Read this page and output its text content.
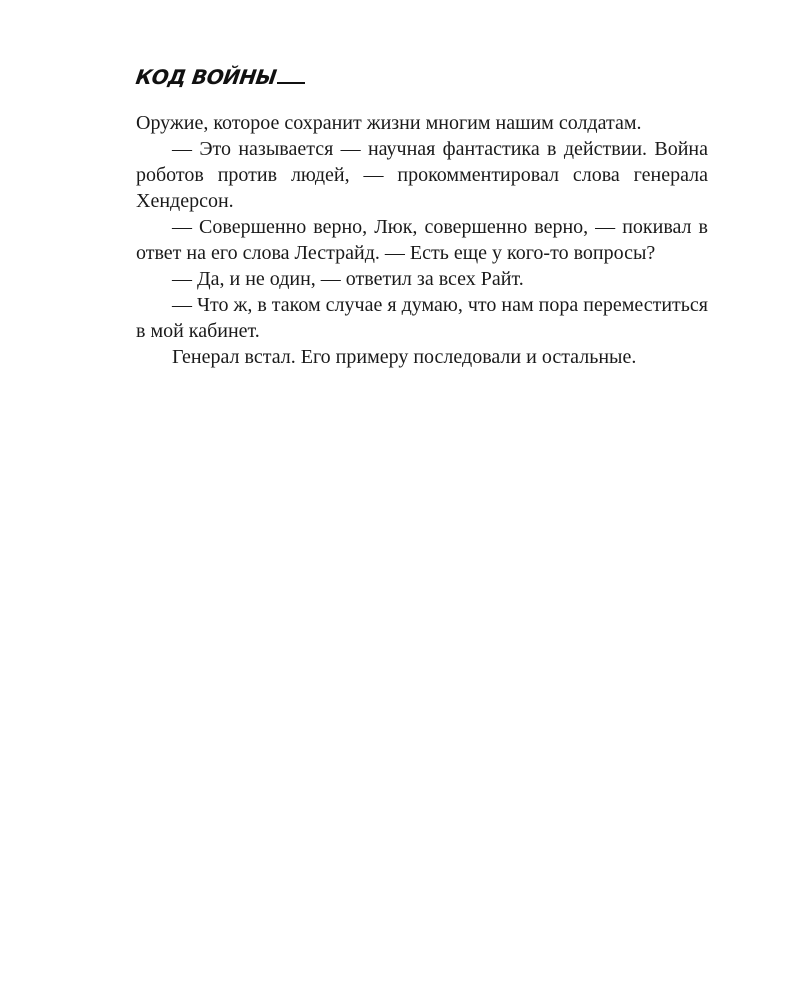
КОД ВОЙНЫ

Оружие, которое сохранит жизни многим нашим солдатам.

— Это называется — научная фантастика в действии. Война роботов против людей, — прокомментировал слова генерала Хендерсон.

— Совершенно верно, Люк, совершенно верно, — покивал в ответ на его слова Лестрайд. — Есть еще у кого-то вопросы?

— Да, и не один, — ответил за всех Райт.

— Что ж, в таком случае я думаю, что нам пора переместиться в мой кабинет.

Генерал встал. Его примеру последовали и остальные.
